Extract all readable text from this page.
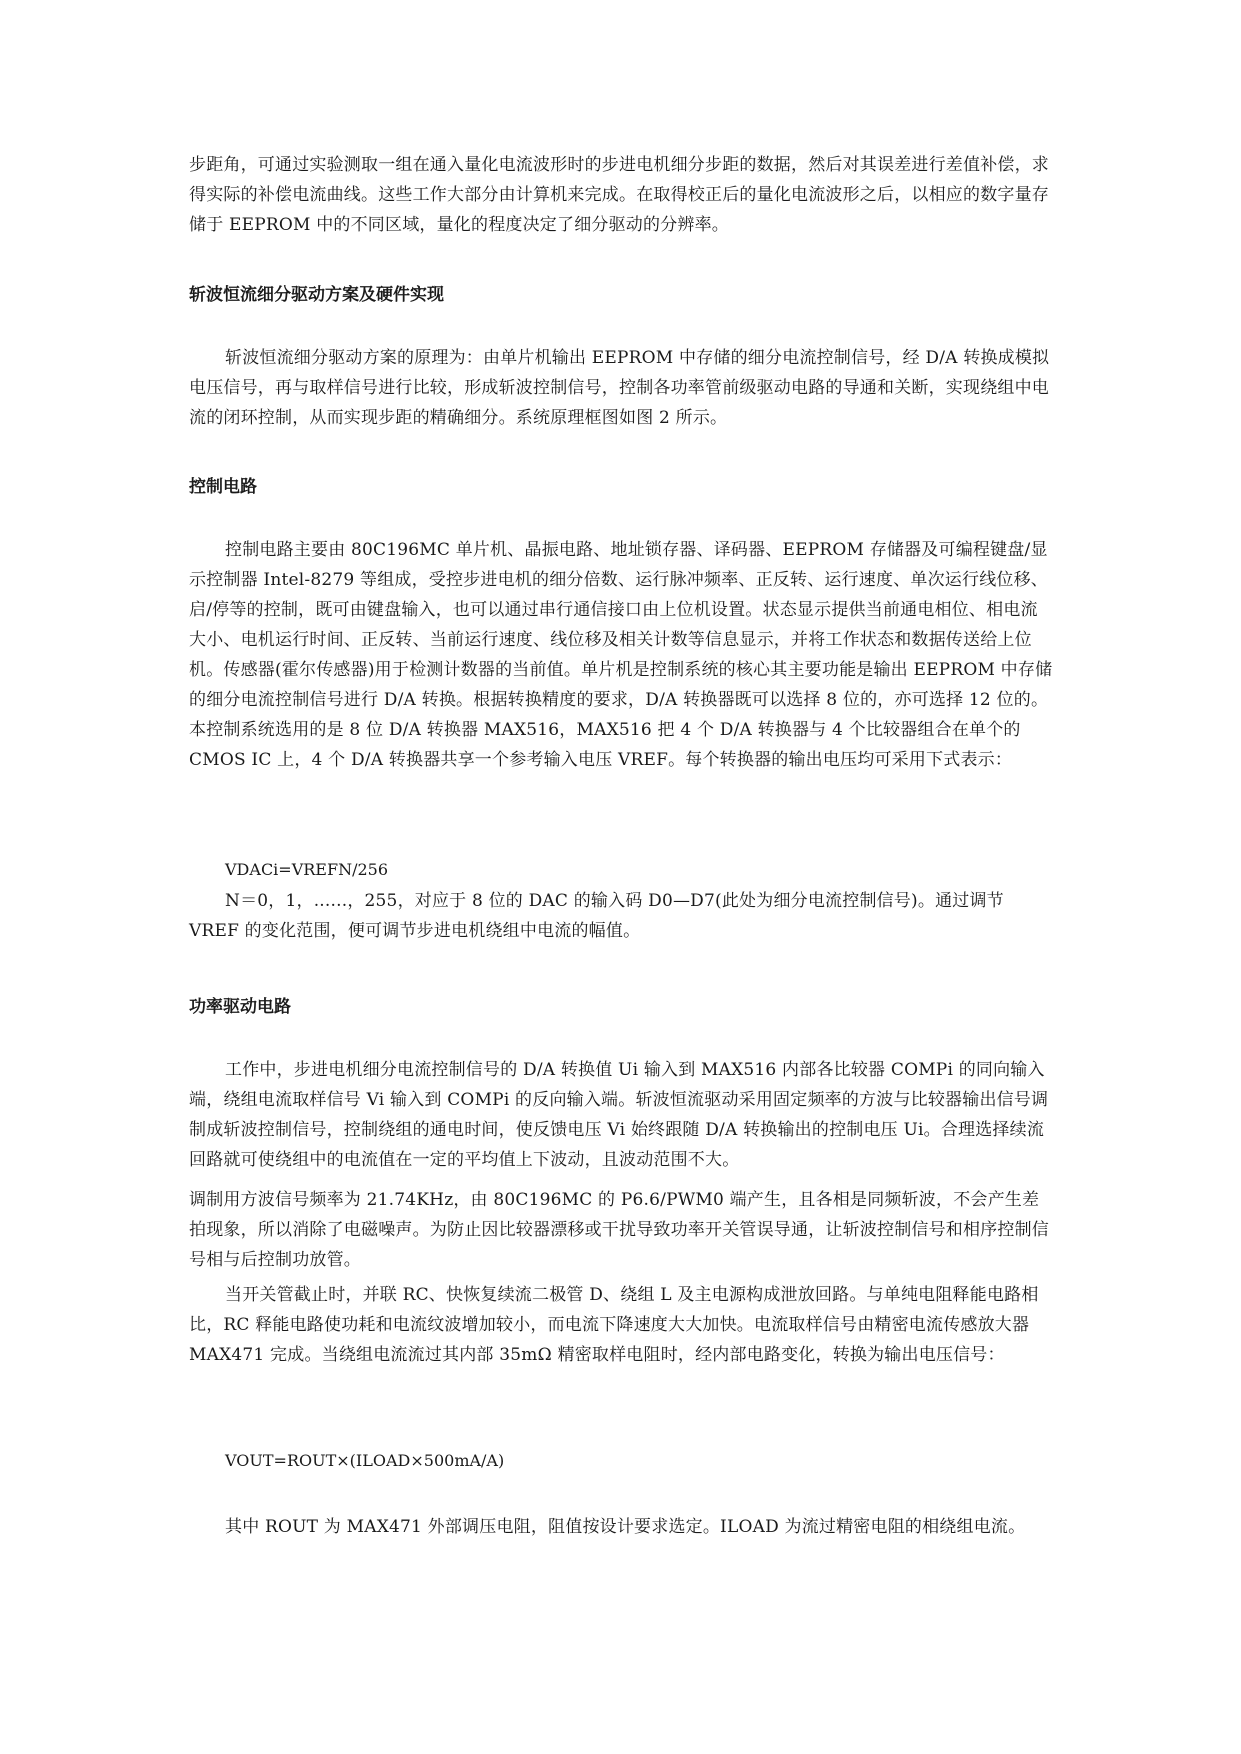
步距角，可通过实验测取一组在通入量化电流波形时的步进电机细分步距的数据，然后对其误差进行差值补偿，求得实际的补偿电流曲线。这些工作大部分由计算机来完成。在取得校正后的量化电流波形之后，以相应的数字量存储于 EEPROM 中的不同区域，量化的程度决定了细分驱动的分辨率。

斩波恒流细分驱动方案及硬件实现

斩波恒流细分驱动方案的原理为：由单片机输出 EEPROM 中存储的细分电流控制信号，经 D/A 转换成模拟电压信号，再与取样信号进行比较，形成斩波控制信号，控制各功率管前级驱动电路的导通和关断，实现绕组中电流的闭环控制，从而实现步距的精确细分。系统原理框图如图 2 所示。

控制电路

控制电路主要由 80C196MC 单片机、晶振电路、地址锁存器、译码器、EEPROM 存储器及可编程键盘/显示控制器 Intel-8279 等组成，受控步进电机的细分倍数、运行脉冲频率、正反转、运行速度、单次运行线位移、启/停等的控制，既可由键盘输入，也可以通过串行通信接口由上位机设置。状态显示提供当前通电相位、相电流大小、电机运行时间、正反转、当前运行速度、线位移及相关计数等信息显示，并将工作状态和数据传送给上位机。传感器(霍尔传感器)用于检测计数器的当前值。单片机是控制系统的核心其主要功能是输出 EEPROM 中存储的细分电流控制信号进行 D/A 转换。根据转换精度的要求，D/A 转换器既可以选择 8 位的，亦可选择 12 位的。本控制系统选用的是 8 位 D/A 转换器 MAX516，MAX516 把 4 个 D/A 转换器与 4 个比较器组合在单个的 CMOS IC 上，4 个 D/A 转换器共享一个参考输入电压 VREF。每个转换器的输出电压均可采用下式表示：

VDACi=VREFN/256

N＝0，1，......，255，对应于 8 位的 DAC 的输入码 D0—D7(此处为细分电流控制信号)。通过调节 VREF 的变化范围，便可调节步进电机绕组中电流的幅值。

功率驱动电路

工作中，步进电机细分电流控制信号的 D/A 转换值 Ui 输入到 MAX516 内部各比较器 COMPi 的同向输入端，绕组电流取样信号 Vi 输入到 COMPi 的反向输入端。斩波恒流驱动采用固定频率的方波与比较器输出信号调制成斩波控制信号，控制绕组的通电时间，使反馈电压 Vi 始终跟随 D/A 转换输出的控制电压 Ui。合理选择续流回路就可使绕组中的电流值在一定的平均值上下波动，且波动范围不大。

调制用方波信号频率为 21.74KHz，由 80C196MC 的 P6.6/PWM0 端产生，且各相是同频斩波，不会产生差拍现象，所以消除了电磁噪声。为防止因比较器漂移或干扰导致功率开关管误导通，让斩波控制信号和相序控制信号相与后控制功放管。

当开关管截止时，并联 RC、快恢复续流二极管 D、绕组 L 及主电源构成泄放回路。与单纯电阻释能电路相比，RC 释能电路使功耗和电流纹波增加较小，而电流下降速度大大加快。电流取样信号由精密电流传感放大器 MAX471 完成。当绕组电流流过其内部 35mΩ 精密取样电阻时，经内部电路变化，转换为输出电压信号：

VOUT=ROUT×(ILOAD×500mA/A)

其中 ROUT 为 MAX471 外部调压电阻，阻值按设计要求选定。ILOAD 为流过精密电阻的相绕组电流。
